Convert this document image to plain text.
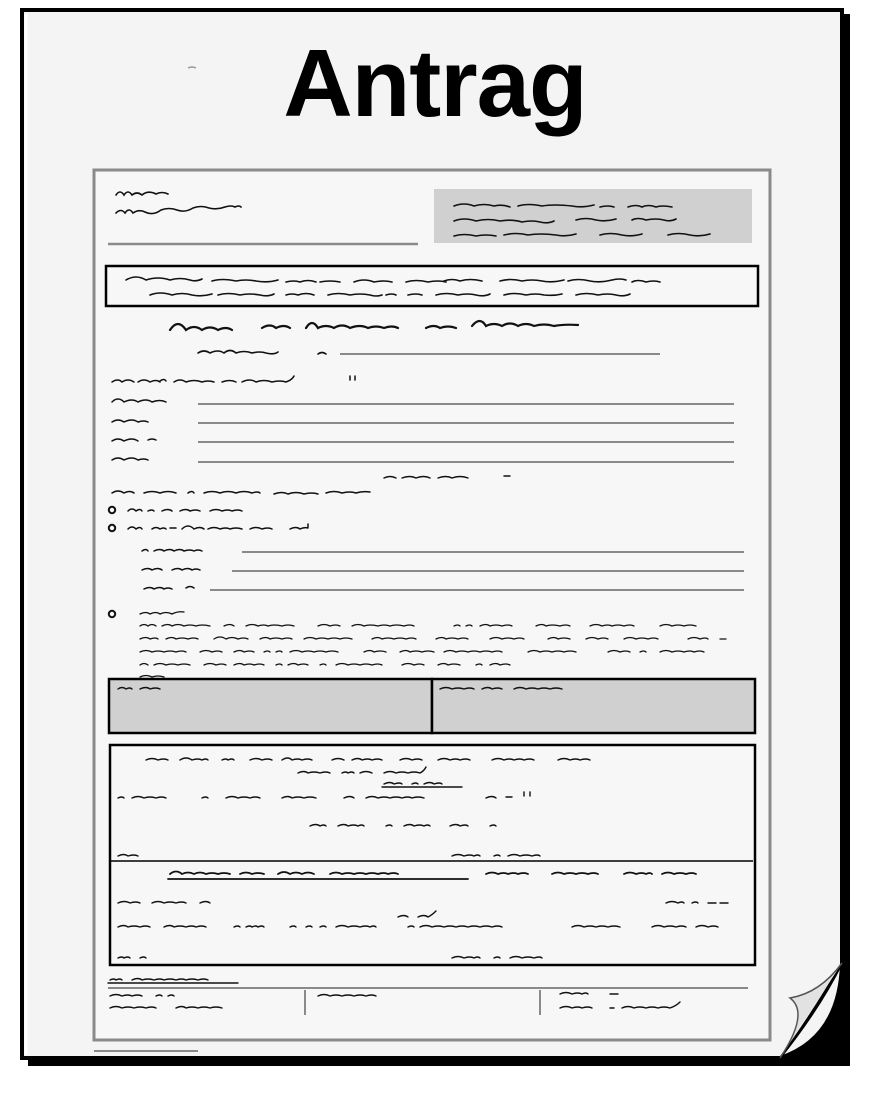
Antrag
